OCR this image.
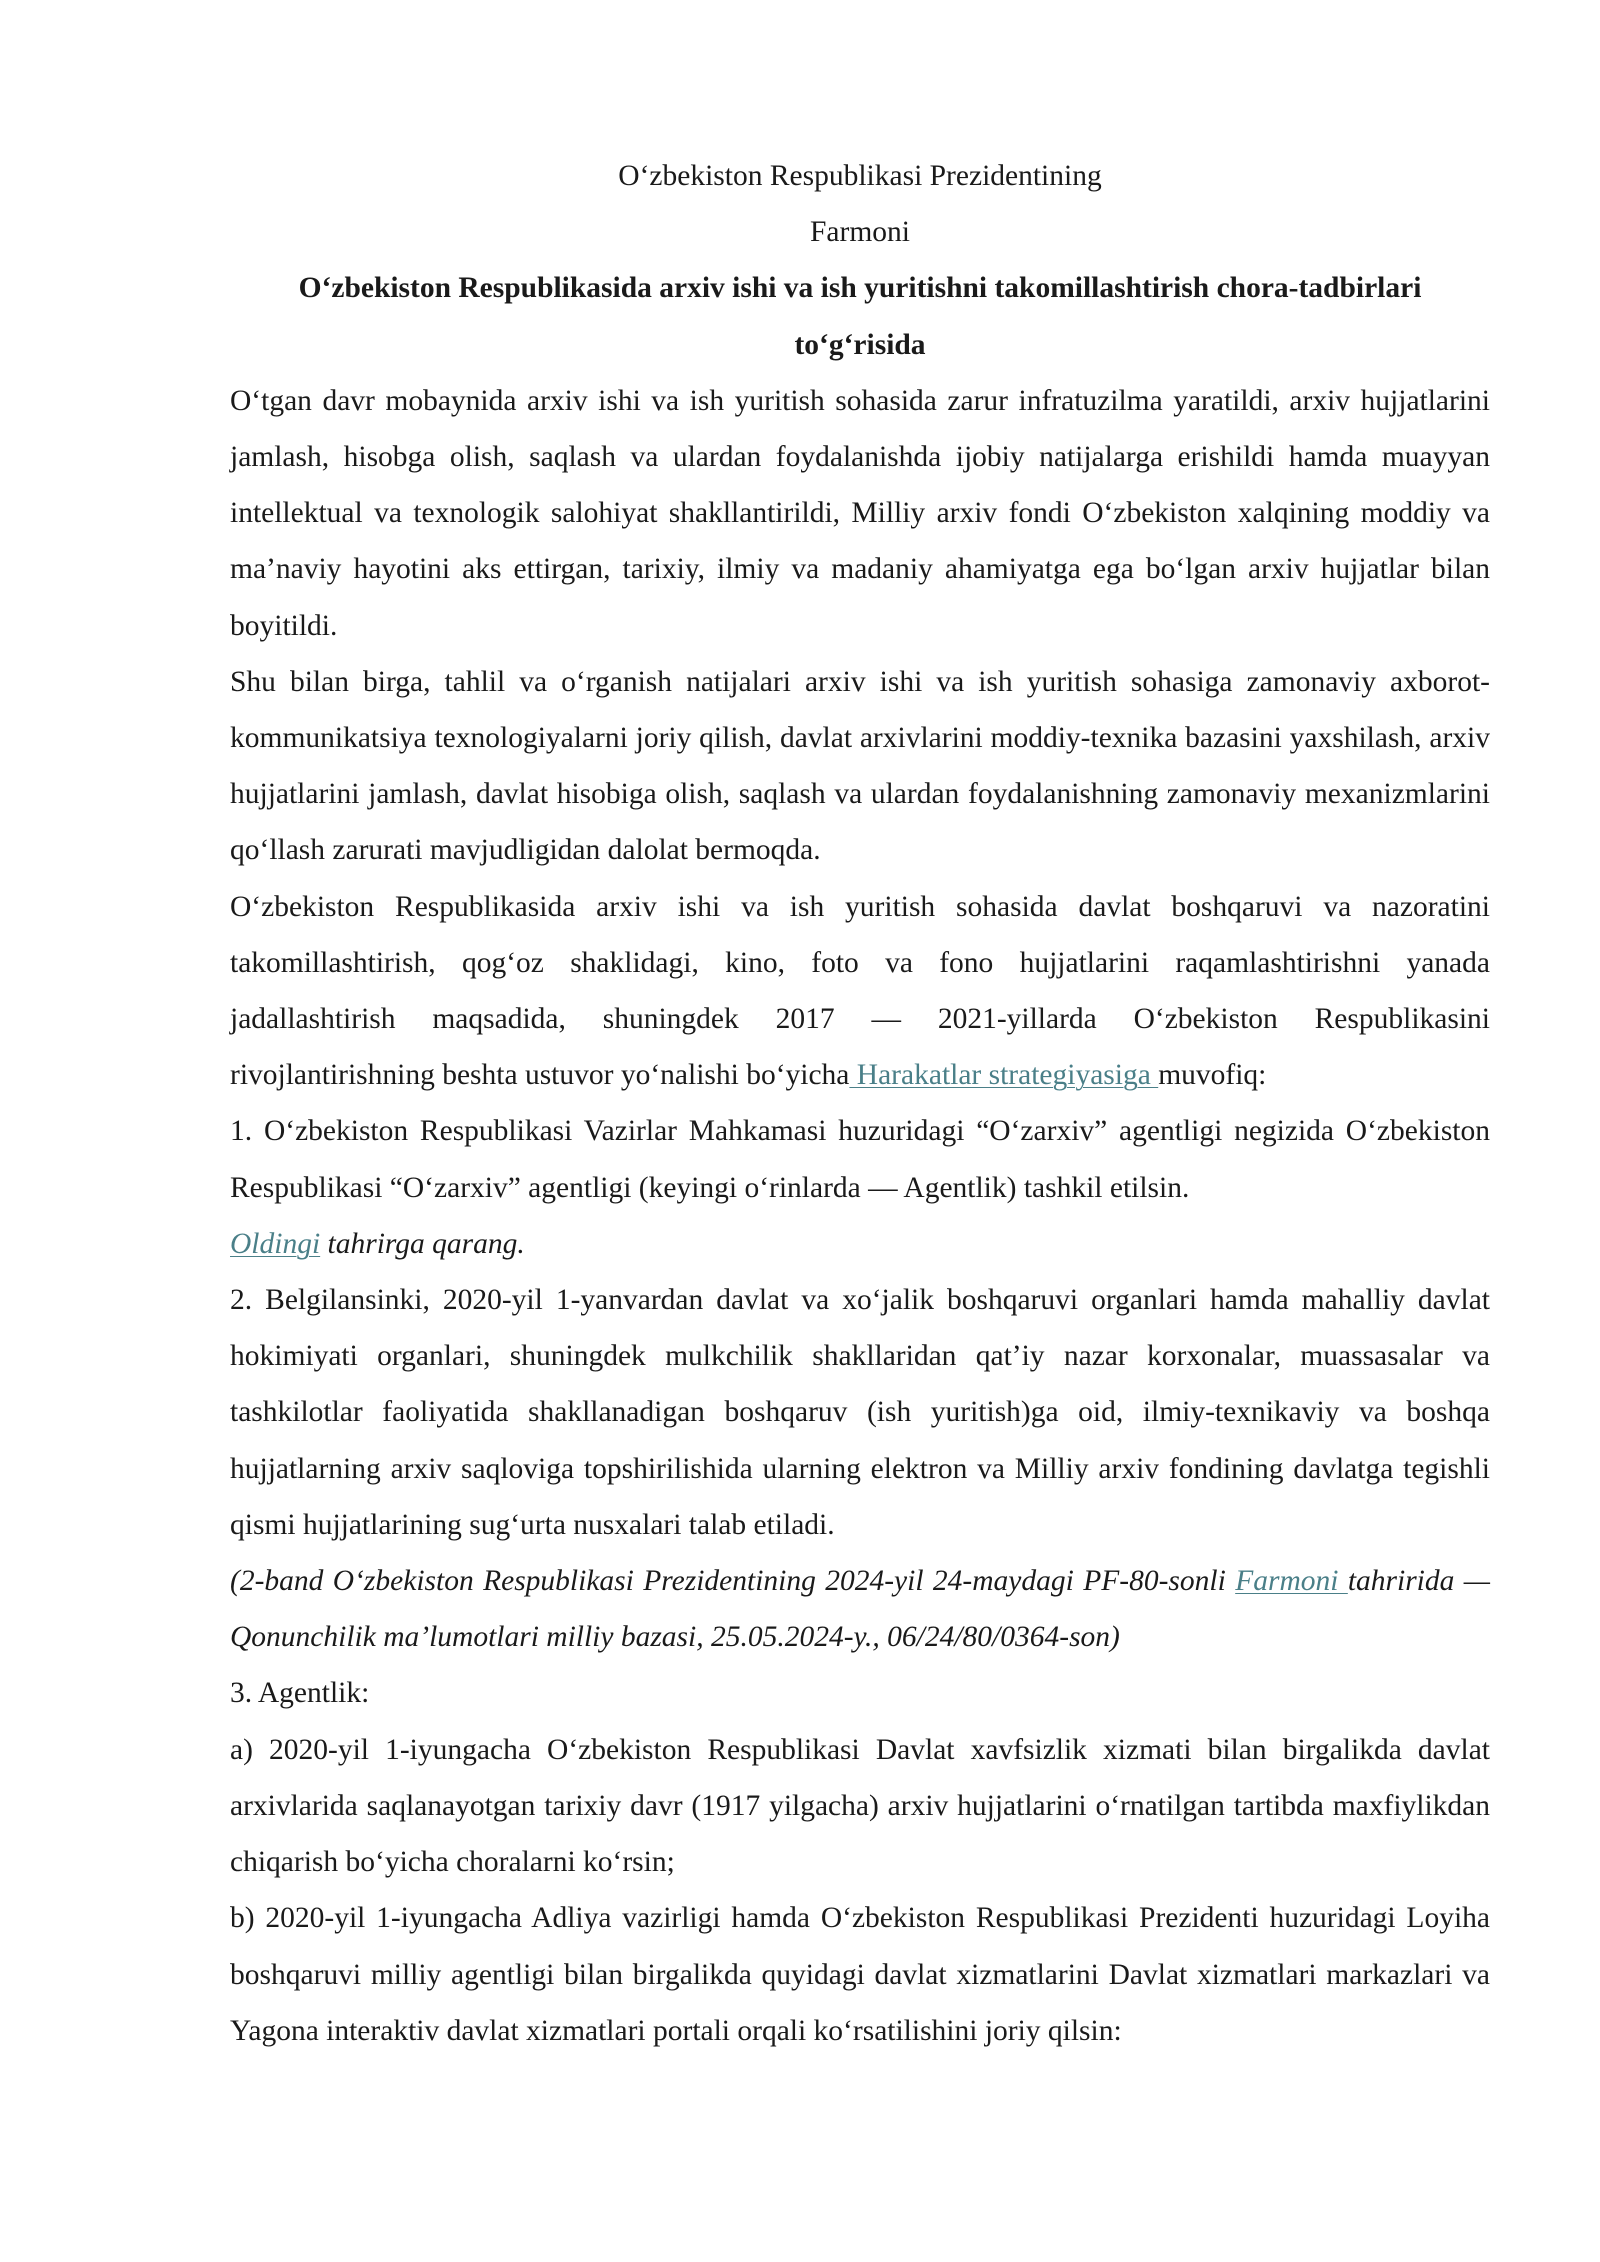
O‘zbekiston Respublikasi Prezidentining

Farmoni

O‘zbekiston Respublikasida arxiv ishi va ish yuritishni takomillashtirish chora-tadbirlari to‘g‘risida

O‘tgan davr mobaynida arxiv ishi va ish yuritish sohasida zarur infratuzilma yaratildi, arxiv hujjatlarini jamlash, hisobga olish, saqlash va ulardan foydalanishda ijobiy natijalarga erishildi hamda muayyan intellektual va texnologik salohiyat shakllantirildi, Milliy arxiv fondi O‘zbekiston xalqining moddiy va ma’naviy hayotini aks ettirgan, tarixiy, ilmiy va madaniy ahamiyatga ega bo‘lgan arxiv hujjatlar bilan boyitildi.

Shu bilan birga, tahlil va o‘rganish natijalari arxiv ishi va ish yuritish sohasiga zamonaviy axborot-kommunikatsiya texnologiyalarni joriy qilish, davlat arxivlarini moddiy-texnika bazasini yaxshilash, arxiv hujjatlarini jamlash, davlat hisobiga olish, saqlash va ulardan foydalanishning zamonaviy mexanizmlarini qo‘llash zarurati mavjudligidan dalolat bermoqda.

O‘zbekiston Respublikasida arxiv ishi va ish yuritish sohasida davlat boshqaruvi va nazoratini takomillashtirish, qog‘oz shaklidagi, kino, foto va fono hujjatlarini raqamlashtirishni yanada jadallashtirish maqsadida, shuningdek 2017 — 2021-yillarda O‘zbekiston Respublikasini rivojlantirishning beshta ustuvor yo‘nalishi bo‘yicha Harakatlar strategiyasiga muvofiq:

1. O‘zbekiston Respublikasi Vazirlar Mahkamasi huzuridagi “O‘zarxiv” agentligi negizida O‘zbekiston Respublikasi “O‘zarxiv” agentligi (keyingi o‘rinlarda — Agentlik) tashkil etilsin.

Oldingi tahrirga qarang.

2. Belgilansinki, 2020-yil 1-yanvardan davlat va xo‘jalik boshqaruvi organlari hamda mahalliy davlat hokimiyati organlari, shuningdek mulkchilik shakllaridan qat’iy nazar korxonalar, muassasalar va tashkilotlar faoliyatida shakllanadigan boshqaruv (ish yuritish)ga oid, ilmiy-texnikaviy va boshqa hujjatlarning arxiv saqloviga topshirilishida ularning elektron va Milliy arxiv fondining davlatga tegishli qismi hujjatlarining sug‘urta nusxalari talab etiladi.

(2-band O‘zbekiston Respublikasi Prezidentining 2024-yil 24-maydagi PF-80-sonli Farmoni tahririda — Qonunchilik ma’lumotlari milliy bazasi, 25.05.2024-y., 06/24/80/0364-son)

3. Agentlik:

a) 2020-yil 1-iyungacha O‘zbekiston Respublikasi Davlat xavfsizlik xizmati bilan birgalikda davlat arxivlarida saqlanayotgan tarixiy davr (1917 yilgacha) arxiv hujjatlarini o‘rnatilgan tartibda maxfiylikdan chiqarish bo‘yicha choralarni ko‘rsin;

b) 2020-yil 1-iyungacha Adliya vazirligi hamda O‘zbekiston Respublikasi Prezidenti huzuridagi Loyiha boshqaruvi milliy agentligi bilan birgalikda quyidagi davlat xizmatlarini Davlat xizmatlari markazlari va Yagona interaktiv davlat xizmatlari portali orqali ko‘rsatilishini joriy qilsin:
